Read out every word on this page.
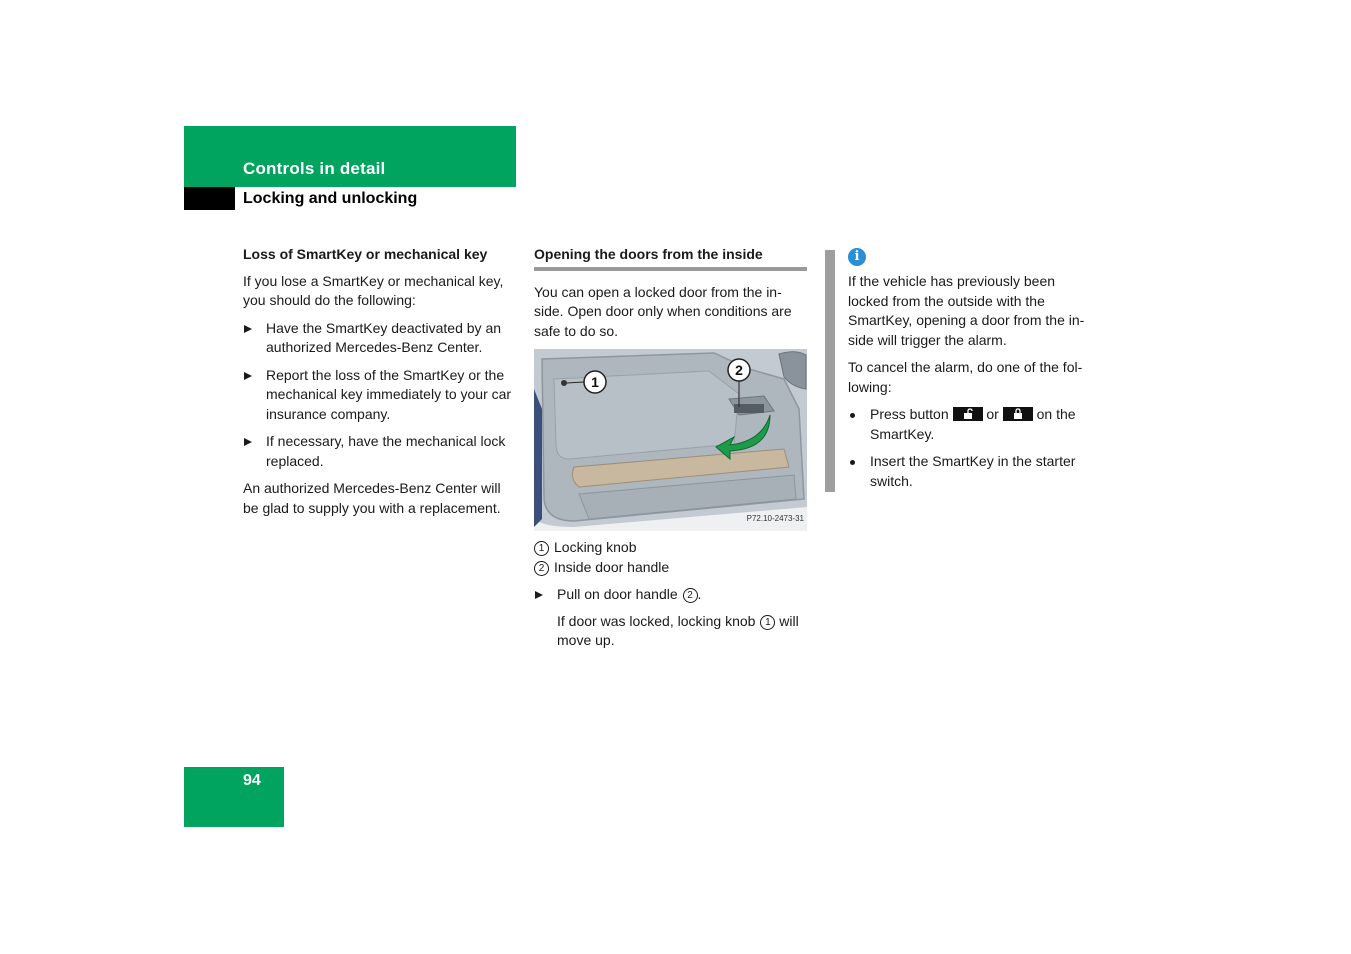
Controls in detail
Locking and unlocking
Loss of SmartKey or mechanical key

If you lose a SmartKey or mechanical key, you should do the following:

Have the SmartKey deactivated by an authorized Mercedes-Benz Center.
Report the loss of the SmartKey or the mechanical key immediately to your car insurance company.
If necessary, have the mechanical lock replaced.

An authorized Mercedes-Benz Center will be glad to supply you with a replacement.

Opening the doors from the inside

You can open a locked door from the in-side. Open door only when conditions are safe to do so.

1
2
P72.10-2473-31
1 Locking knob
2 Inside door handle
Pull on door handle 2 .
If door was locked, locking knob 1 will move up.
i

If the vehicle has previously been locked from the outside with the SmartKey, opening a door from the in-side will trigger the alarm.

To cancel the alarm, do one of the fol-lowing:

Press button
or
on the SmartKey.
Insert the SmartKey in the starter switch.
94
